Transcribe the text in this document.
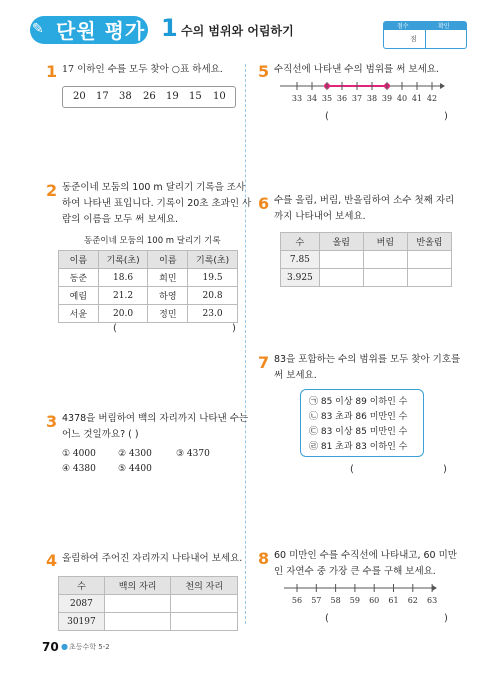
✎ 단원 평가 1 수의 범위와 어림하기	점수	확인
점
1 17 이하인 수를 모두 찾아 ○표 하세요.
20 17 38 26 19 15 10
2 동준이네 모둠의 100 m 달리기 기록을 조사
하여 나타낸 표입니다. 기록이 20초 초과인 사
람의 이름을 모두 써 보세요.
동준이네 모둠의 100 m 달리기 기록
이름	기록(초)	이름	기록(초)
동준	18.6	희민	19.5
예림	21.2	하영	20.8
서윤	20.0	정민	23.0
(	)
3 4378을 버림하여 백의 자리까지 나타낸 수는
어느 것일까요? ( )
① 4000 ② 4300	③ 4370
④ 4380 ⑤ 4400
4 올림하여 주어진 자리까지 나타내어 보세요.
수	백의 자리	천의 자리
2087		
30197		
5 수직선에 나타낸 수의 범위를 써 보세요.
33 34 35 36 37 38 39 40 41 42
(	)
6 수를 올림, 버림, 반올림하여 소수 첫째 자리
까지 나타내어 보세요.
수	올림	버림	반올림
7.85			
3.925			
7 83을 포함하는 수의 범위를 모두 찾아 기호를
써 보세요.
㉠ 85 이상 89 이하인 수
㉡ 83 초과 86 미만인 수
㉢ 83 이상 85 미만인 수
㉣ 81 초과 83 이하인 수
(	)
8 60 미만인 수를 수직선에 나타내고, 60 미만
인 자연수 중 가장 큰 수를 구해 보세요.
56 57 58 59 60 61 62 63
(	)
70 ● 초등수학 5-2
